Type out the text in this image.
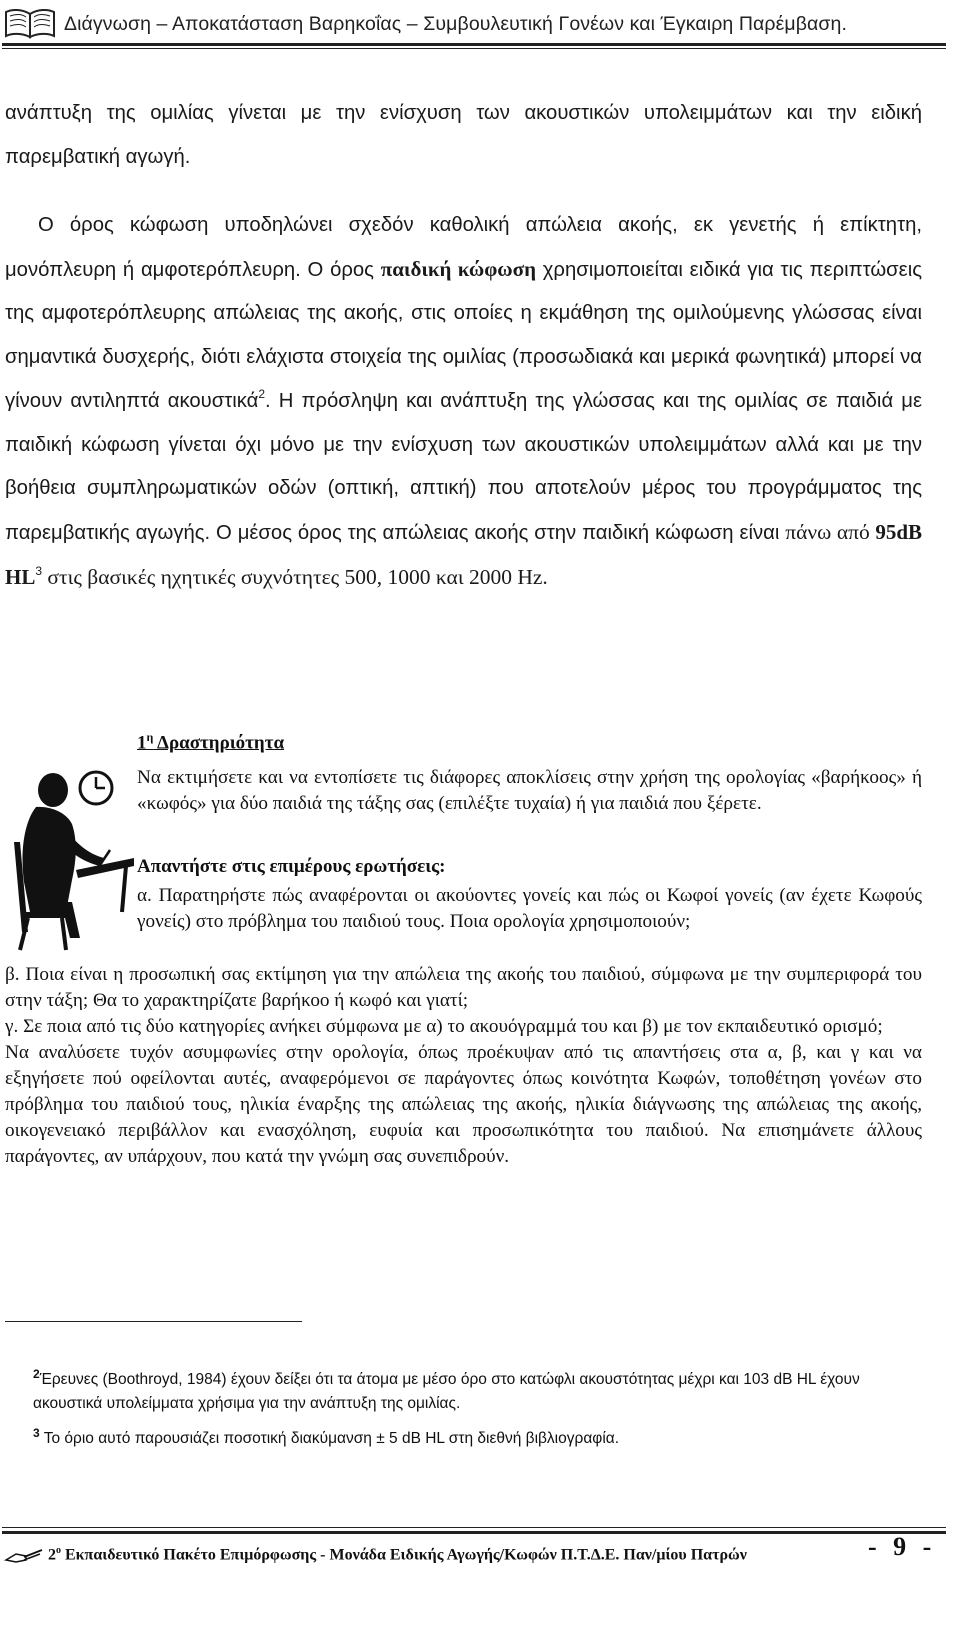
Διάγνωση – Αποκατάσταση Βαρηκοΐας – Συμβουλευτική Γονέων και Έγκαιρη Παρέμβαση.
ανάπτυξη της ομιλίας γίνεται με την ενίσχυση των ακουστικών υπολειμμάτων και την ειδική παρεμβατική αγωγή.
Ο όρος κώφωση υποδηλώνει σχεδόν καθολική απώλεια ακοής, εκ γενετής ή επίκτητη, μονόπλευρη ή αμφοτερόπλευρη. Ο όρος παιδική κώφωση χρησιμοποιείται ειδικά για τις περιπτώσεις της αμφοτερόπλευρης απώλειας της ακοής, στις οποίες η εκμάθηση της ομιλούμενης γλώσσας είναι σημαντικά δυσχερής, διότι ελάχιστα στοιχεία της ομιλίας (προσωδιακά και μερικά φωνητικά) μπορεί να γίνουν αντιληπτά ακουστικά$^2$. Η πρόσληψη και ανάπτυξη της γλώσσας και της ομιλίας σε παιδιά με παιδική κώφωση γίνεται όχι μόνο με την ενίσχυση των ακουστικών υπολειμμάτων αλλά και με την βοήθεια συμπληρωματικών οδών (οπτική, απτική) που αποτελούν μέρος του προγράμματος της παρεμβατικής αγωγής. Ο μέσος όρος της απώλειας ακοής στην παιδική κώφωση είναι πάνω από 95dB $HL^3$ στις βασικές ηχητικές συχνότητες 500, 1000 και 2000 Hz.
$1^\eta$ Δραστηριότητα
Να εκτιμήσετε και να εντοπίσετε τις διάφορες αποκλίσεις στην χρήση της ορολογίας «βαρήκοος» ή «κωφός» για δύο παιδιά της τάξης σας (επιλέξτε τυχαία) ή για παιδιά που ξέρετε.
Απαντήστε στις επιμέρους ερωτήσεις:
α. Παρατηρήστε πώς αναφέρονται οι ακούοντες γονείς και πώς οι Κωφοί γονείς (αν έχετε Κωφούς γονείς) στο πρόβλημα του παιδιού τους. Ποια ορολογία χρησιμοποιούν;
β. Ποια είναι η προσωπική σας εκτίμηση για την απώλεια της ακοής του παιδιού, σύμφωνα με την συμπεριφορά του στην τάξη; Θα το χαρακτηρίζατε βαρήκοο ή κωφό και γιατί;
γ. Σε ποια από τις δύο κατηγορίες ανήκει σύμφωνα με α) το ακουόγραμμά του και β) με τον εκπαιδευτικό ορισμό;
Να αναλύσετε τυχόν ασυμφωνίες στην ορολογία, όπως προέκυψαν από τις απαντήσεις στα α, β, και γ και να εξηγήσετε πού οφείλονται αυτές, αναφερόμενοι σε παράγοντες όπως κοινότητα Κωφών, τοποθέτηση γονέων στο πρόβλημα του παιδιού τους, ηλικία έναρξης της απώλειας της ακοής, ηλικία διάγνωσης της απώλειας της ακοής, οικογενειακό περιβάλλον και ενασχόληση, ευφυία και προσωπικότητα του παιδιού. Να επισημάνετε άλλους παράγοντες, αν υπάρχουν, που κατά την γνώμη σας συνεπιδρούν.
$^2$Έρευνες (Boothroyd, 1984) έχουν δείξει ότι τα άτομα με μέσο όρο στο κατώφλι ακουστότητας μέχρι και 103 dB HL έχουν ακουστικά υπολείμματα χρήσιμα για την ανάπτυξη της ομιλίας.
$^3$ Το όριο αυτό παρουσιάζει ποσοτική διακύμανση ± 5 dB HL στη διεθνή βιβλιογραφία.
$2^o$ Εκπαιδευτικό Πακέτο Επιμόρφωσης - Μονάδα Ειδικής Αγωγής/Κωφών Π.Τ.Δ.Ε. Παν/μίου Πατρών	- 9 -
